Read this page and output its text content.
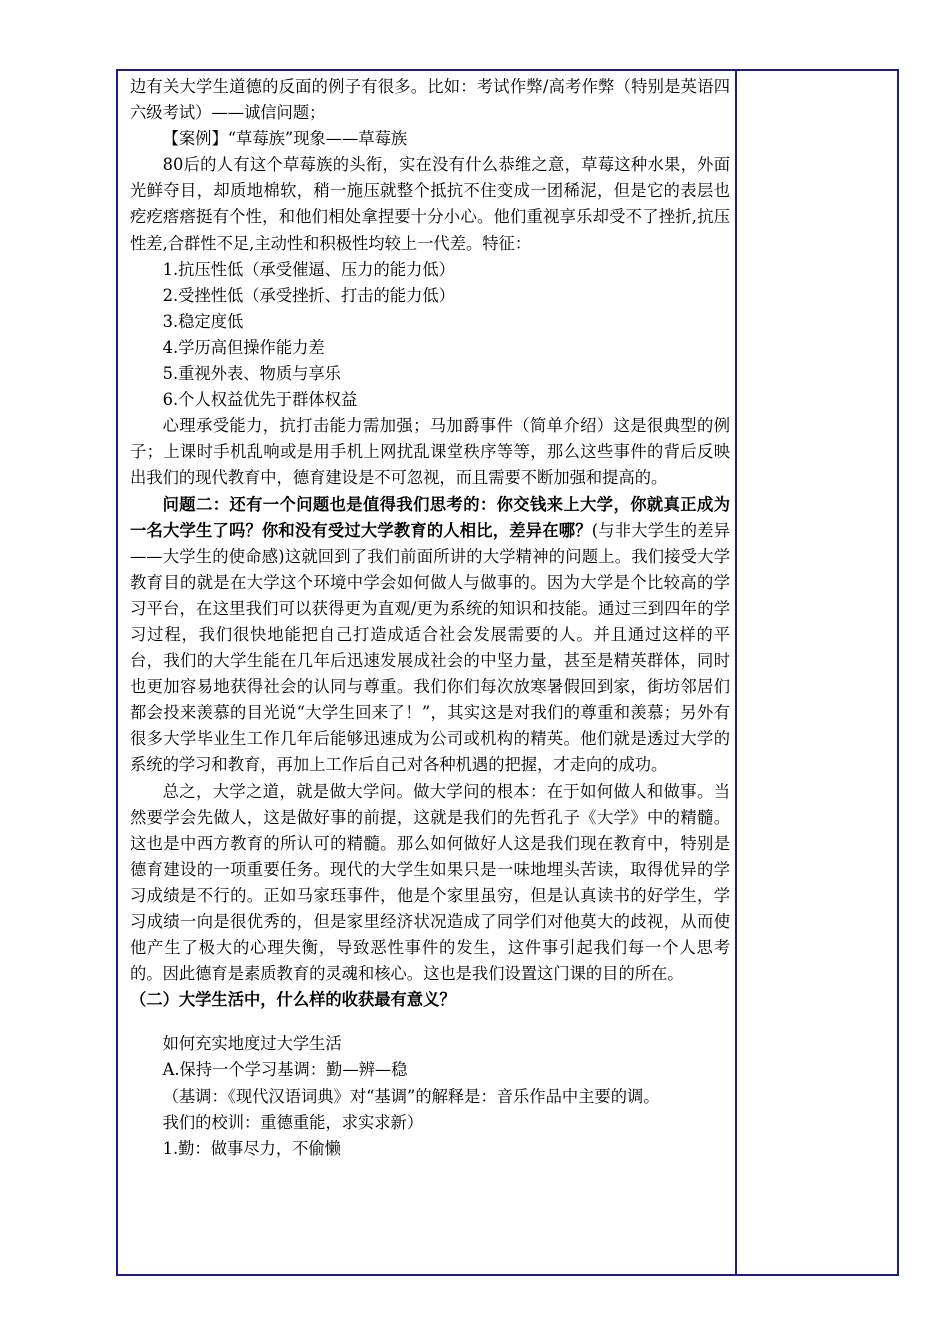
边有关大学生道德的反面的例子有很多。比如：考试作弊/高考作弊（特别是英语四六级考试）——诚信问题；

【案例】“草莓族”现象——草莓族

80后的人有这个草莓族的头衔，实在没有什么恭维之意，草莓这种水果，外面光鲜夺目，却质地棉软，稍一施压就整个抵抗不住变成一团稀泥，但是它的表层也疙疙瘩瘩挺有个性，和他们相处拿捏要十分小心。他们重视享乐却受不了挫折,抗压性差,合群性不足,主动性和积极性均较上一代差。特征：

1.抗压性低（承受催逼、压力的能力低）

2.受挫性低（承受挫折、打击的能力低）

3.稳定度低

4.学历高但操作能力差

5.重视外表、物质与享乐

6.个人权益优先于群体权益

心理承受能力，抗打击能力需加强；马加爵事件（简单介绍）这是很典型的例子；上课时手机乱响或是用手机上网扰乱课堂秩序等等，那么这些事件的背后反映出我们的现代教育中，德育建设是不可忽视，而且需要不断加强和提高的。

问题二：还有一个问题也是值得我们思考的：你交钱来上大学，你就真正成为一名大学生了吗？你和没有受过大学教育的人相比，差异在哪？(与非大学生的差异——大学生的使命感)这就回到了我们前面所讲的大学精神的问题上。我们接受大学教育目的就是在大学这个环境中学会如何做人与做事的。因为大学是个比较高的学习平台，在这里我们可以获得更为直观/更为系统的知识和技能。通过三到四年的学习过程，我们很快地能把自己打造成适合社会发展需要的人。并且通过这样的平台，我们的大学生能在几年后迅速发展成社会的中坚力量，甚至是精英群体，同时也更加容易地获得社会的认同与尊重。我们你们每次放寒暑假回到家，街坊邻居们都会投来羡慕的目光说“大学生回来了！”，其实这是对我们的尊重和羡慕；另外有很多大学毕业生工作几年后能够迅速成为公司或机构的精英。他们就是透过大学的系统的学习和教育，再加上工作后自己对各种机遇的把握，才走向的成功。

总之，大学之道，就是做大学问。做大学问的根本：在于如何做人和做事。当然要学会先做人，这是做好事的前提，这就是我们的先哲孔子《大学》中的精髓。这也是中西方教育的所认可的精髓。那么如何做好人这是我们现在教育中，特别是德育建设的一项重要任务。现代的大学生如果只是一味地埋头苦读，取得优异的学习成绩是不行的。正如马家珏事件，他是个家里虽穷，但是认真读书的好学生，学习成绩一向是很优秀的，但是家里经济状况造成了同学们对他莫大的歧视，从而使他产生了极大的心理失衡，导致恶性事件的发生，这件事引起我们每一个人思考的。因此德育是素质教育的灵魂和核心。这也是我们设置这门课的目的所在。

（二）大学生活中，什么样的收获最有意义？

如何充实地度过大学生活

A.保持一个学习基调：勤—辨—稳

（基调：《现代汉语词典》对“基调”的解释是：音乐作品中主要的调。

我们的校训：重德重能，求实求新）

1.勤：做事尽力，不偷懒
